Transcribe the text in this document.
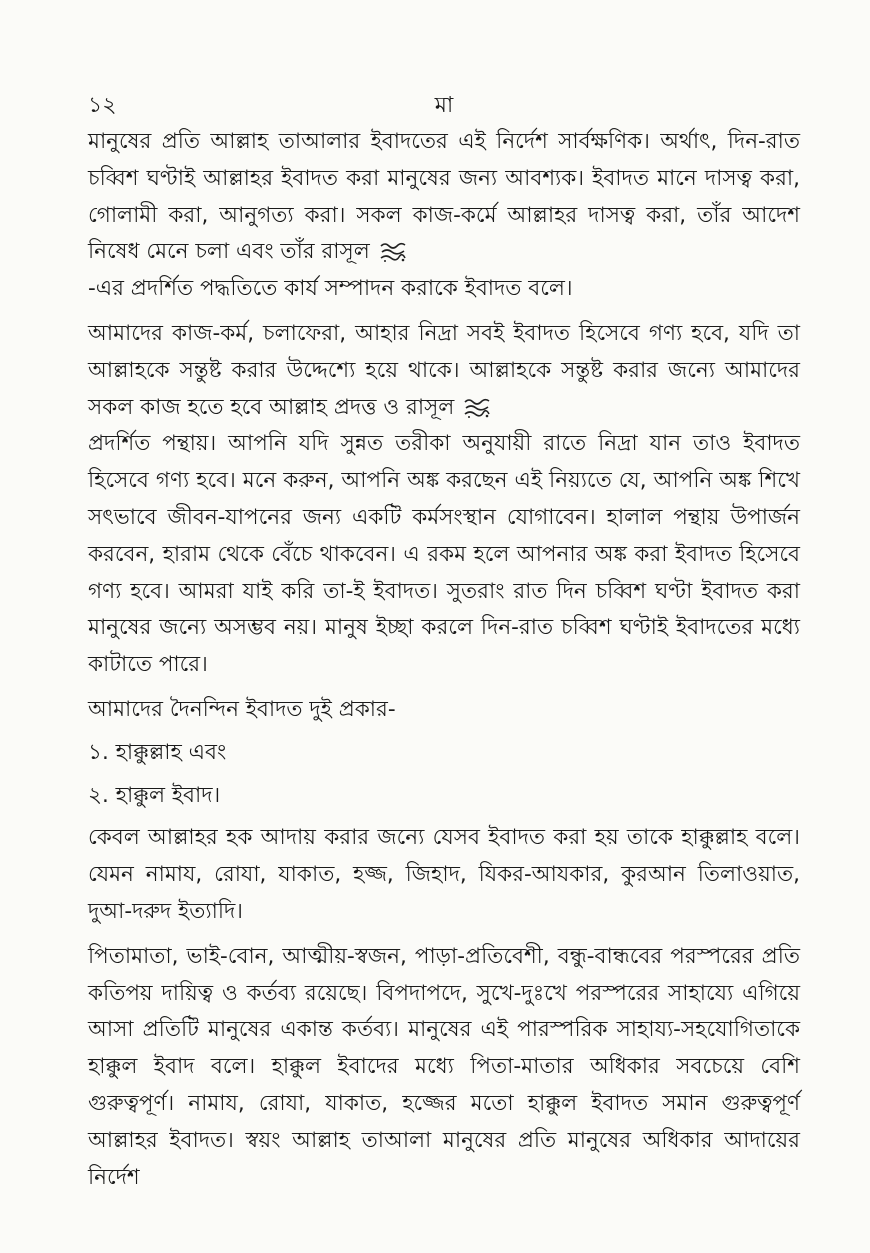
১২	মা

মানুষের প্রতি আল্লাহ তাআলার ইবাদতের এই নির্দেশ সার্বক্ষণিক। অর্থাৎ, দিন-রাত চব্বিশ ঘণ্টাই আল্লাহর ইবাদত করা মানুষের জন্য আবশ্যক। ইবাদত মানে দাসত্ব করা, গোলামী করা, আনুগত্য করা। সকল কাজ-কর্মে আল্লাহর দাসত্ব করা, তাঁর আদেশ নিষেধ মেনে চলা এবং তাঁর রাসূল
-এর প্রদর্শিত পদ্ধতিতে কার্য সম্পাদন করাকে ইবাদত বলে।

আমাদের কাজ-কর্ম, চলাফেরা, আহার নিদ্রা সবই ইবাদত হিসেবে গণ্য হবে, যদি তা আল্লাহকে সন্তুষ্ট করার উদ্দেশ্যে হয়ে থাকে। আল্লাহকে সন্তুষ্ট করার জন্যে আমাদের সকল কাজ হতে হবে আল্লাহ প্রদত্ত ও রাসূল
প্রদর্শিত পন্থায়। আপনি যদি সুন্নত তরীকা অনুযায়ী রাতে নিদ্রা যান তাও ইবাদত হিসেবে গণ্য হবে। মনে করুন, আপনি অঙ্ক করছেন এই নিয়্যতে যে, আপনি অঙ্ক শিখে সৎভাবে জীবন-যাপনের জন্য একটি কর্মসংস্থান যোগাবেন। হালাল পন্থায় উপার্জন করবেন, হারাম থেকে বেঁচে থাকবেন। এ রকম হলে আপনার অঙ্ক করা ইবাদত হিসেবে গণ্য হবে। আমরা যাই করি তা-ই ইবাদত। সুতরাং রাত দিন চব্বিশ ঘণ্টা ইবাদত করা মানুষের জন্যে অসম্ভব নয়। মানুষ ইচ্ছা করলে দিন-রাত চব্বিশ ঘণ্টাই ইবাদতের মধ্যে কাটাতে পারে।

আমাদের দৈনন্দিন ইবাদত দুই প্রকার-

১. হাক্কুল্লাহ এবং

২. হাক্কুল ইবাদ।

কেবল আল্লাহর হক আদায় করার জন্যে যেসব ইবাদত করা হয় তাকে হাক্কুল্লাহ বলে। যেমন নামায, রোযা, যাকাত, হজ্জ, জিহাদ, যিকর-আযকার, কুরআন তিলাওয়াত, দুআ-দরুদ ইত্যাদি।

পিতামাতা, ভাই-বোন, আত্মীয়-স্বজন, পাড়া-প্রতিবেশী, বন্ধু-বান্ধবের পরস্পরের প্রতি কতিপয় দায়িত্ব ও কর্তব্য রয়েছে। বিপদাপদে, সুখে-দুঃখে পরস্পরের সাহায্যে এগিয়ে আসা প্রতিটি মানুষের একান্ত কর্তব্য। মানুষের এই পারস্পরিক সাহায্য-সহযোগিতাকে হাক্কুল ইবাদ বলে। হাক্কুল ইবাদের মধ্যে পিতা-মাতার অধিকার সবচেয়ে বেশি গুরুত্বপূর্ণ। নামায, রোযা, যাকাত, হজ্জের মতো হাক্কুল ইবাদত সমান গুরুত্বপূর্ণ আল্লাহর ইবাদত। স্বয়ং আল্লাহ তাআলা মানুষের প্রতি মানুষের অধিকার আদায়ের নির্দেশ
